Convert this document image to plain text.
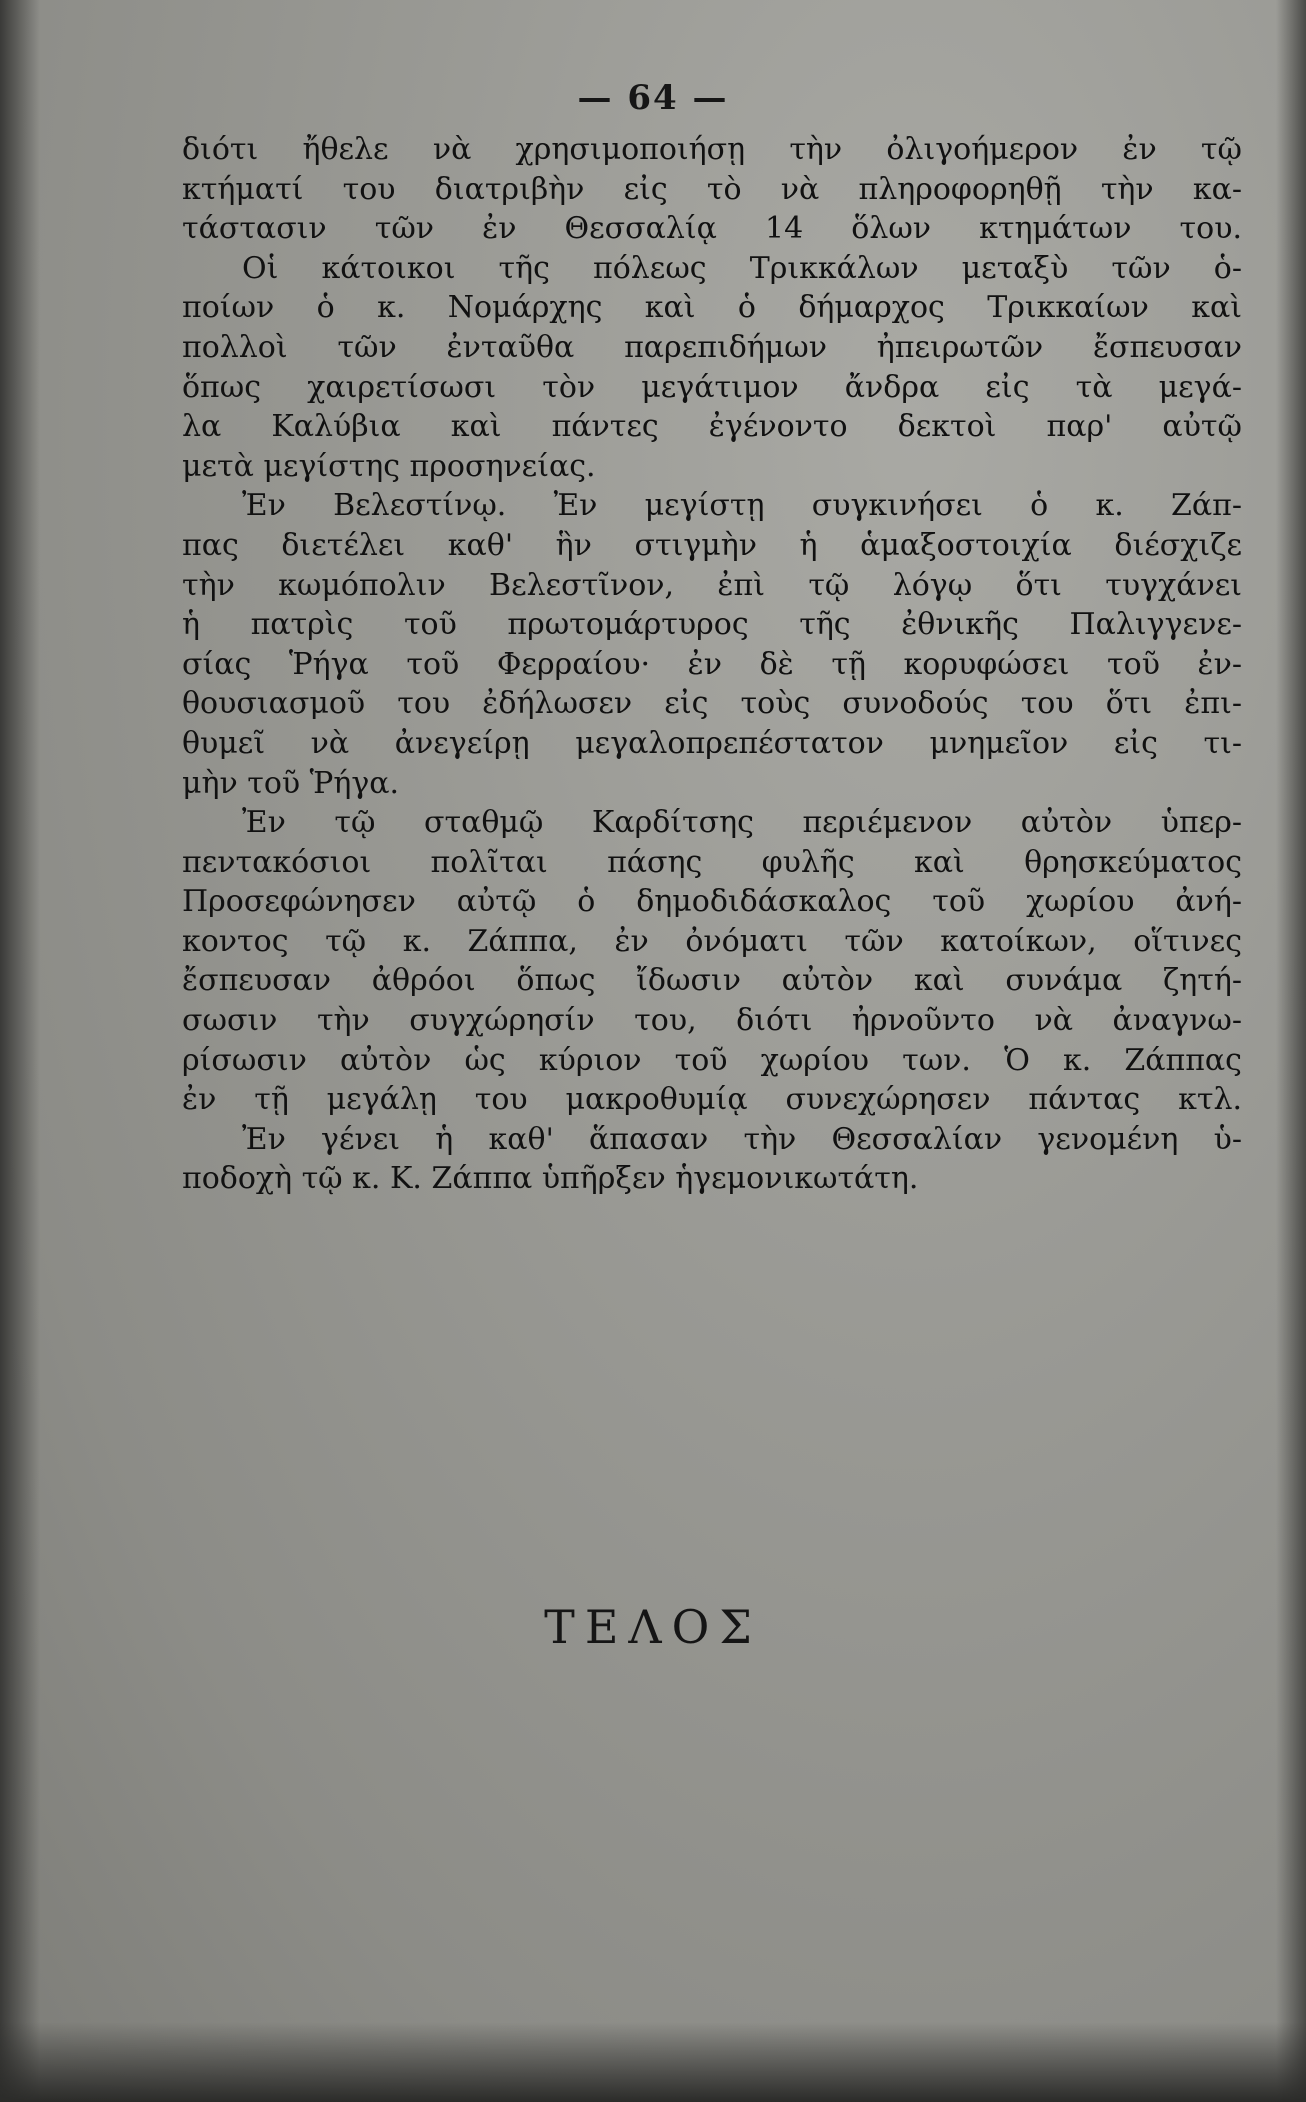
— 64 —
διότι ἤθελε νὰ χρησιμοποιήσῃ τὴν ὀλιγοήμερον ἐν τῷ
κτήματί του διατριβὴν εἰς τὸ νὰ πληροφορηθῇ τὴν κα-
τάστασιν τῶν ἐν Θεσσαλίᾳ 14 ὅλων κτημάτων του.
Οἱ κάτοικοι τῆς πόλεως Τρικκάλων μεταξὺ τῶν ὁ-
ποίων ὁ κ. Νομάρχης καὶ ὁ δήμαρχος Τρικκαίων καὶ
πολλοὶ τῶν ἐνταῦθα παρεπιδήμων ἠπειρωτῶν ἔσπευσαν
ὅπως χαιρετίσωσι τὸν μεγάτιμον ἄνδρα εἰς τὰ μεγά-
λα Καλύβια καὶ πάντες ἐγένοντο δεκτοὶ παρ' αὐτῷ
μετὰ μεγίστης προσηνείας.
Ἐν Βελεστίνῳ. Ἐν μεγίστῃ συγκινήσει ὁ κ. Ζάπ-
πας διετέλει καθ' ἣν στιγμὴν ἡ ἁμαξοστοιχία διέσχιζε
τὴν κωμόπολιν Βελεστῖνον, ἐπὶ τῷ λόγῳ ὅτι τυγχάνει
ἡ πατρὶς τοῦ πρωτομάρτυρος τῆς ἐθνικῆς Παλιγγενε-
σίας Ῥήγα τοῦ Φερραίου· ἐν δὲ τῇ κορυφώσει τοῦ ἐν-
θουσιασμοῦ του ἐδήλωσεν εἰς τοὺς συνοδούς του ὅτι ἐπι-
θυμεῖ νὰ ἀνεγείρῃ μεγαλοπρεπέστατον μνημεῖον εἰς τι-
μὴν τοῦ Ῥήγα.
Ἐν τῷ σταθμῷ Καρδίτσης περιέμενον αὐτὸν ὑπερ-
πεντακόσιοι πολῖται πάσης φυλῆς καὶ θρησκεύματος
Προσεφώνησεν αὐτῷ ὁ δημοδιδάσκαλος τοῦ χωρίου ἀνή-
κοντος τῷ κ. Ζάππα, ἐν ὀνόματι τῶν κατοίκων, οἵτινες
ἔσπευσαν ἀθρόοι ὅπως ἴδωσιν αὐτὸν καὶ συνάμα ζητή-
σωσιν τὴν συγχώρησίν του, διότι ἠρνοῦντο νὰ ἀναγνω-
ρίσωσιν αὐτὸν ὡς κύριον τοῦ χωρίου των. Ὁ κ. Ζάππας
ἐν τῇ μεγάλῃ του μακροθυμίᾳ συνεχώρησεν πάντας κτλ.
Ἐν γένει ἡ καθ' ἅπασαν τὴν Θεσσαλίαν γενομένη ὑ-
ποδοχὴ τῷ κ. Κ. Ζάππα ὑπῆρξεν ἡγεμονικωτάτη.
ΤΕΛΟΣ
